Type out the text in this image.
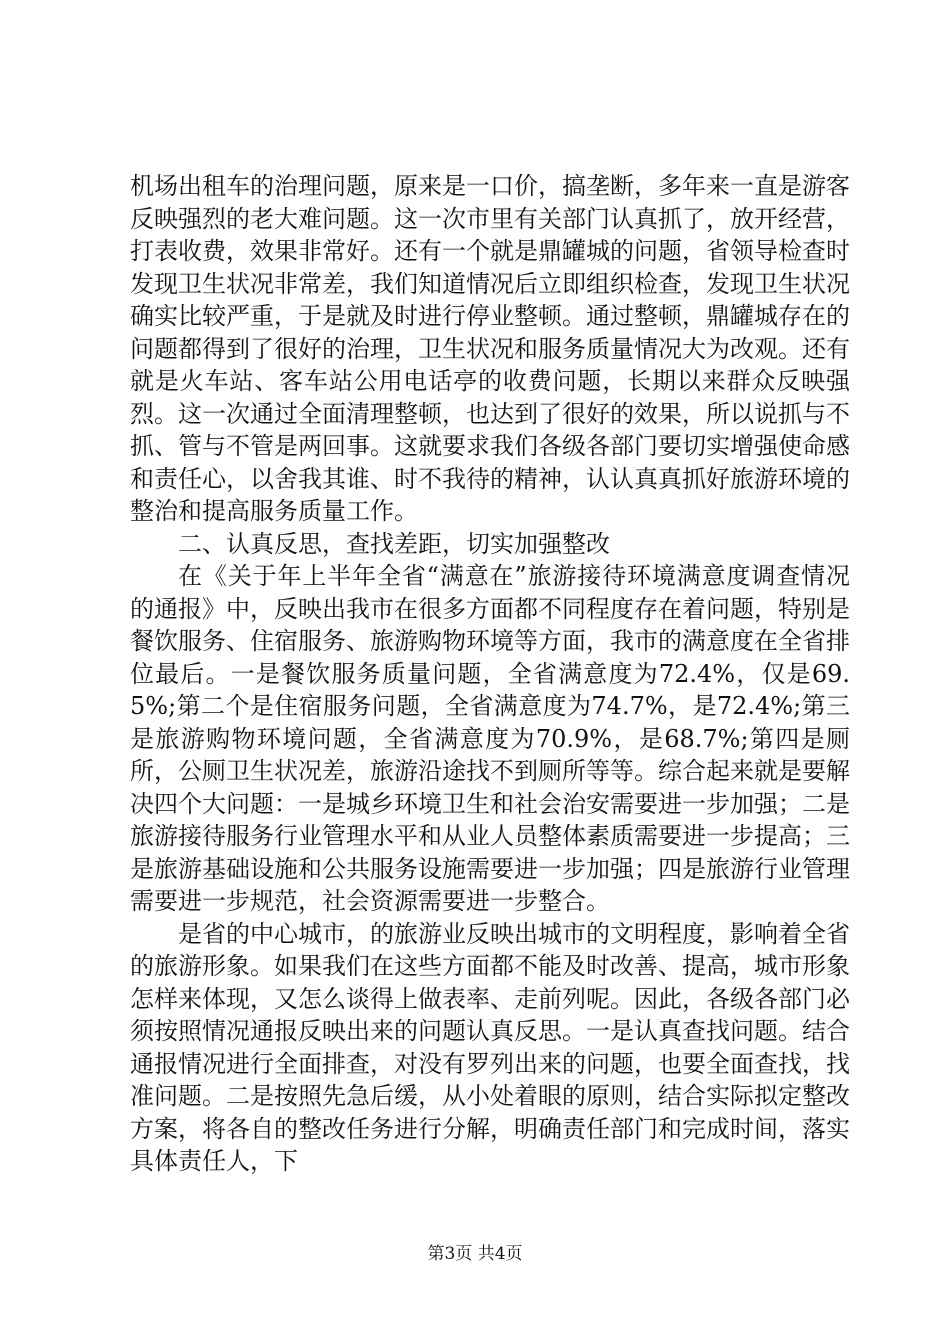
机场出租车的治理问题，原来是一口价，搞垄断，多年来一直是游客反映强烈的老大难问题。这一次市里有关部门认真抓了，放开经营，打表收费，效果非常好。还有一个就是鼎罐城的问题，省领导检查时发现卫生状况非常差，我们知道情况后立即组织检查，发现卫生状况确实比较严重，于是就及时进行停业整顿。通过整顿，鼎罐城存在的问题都得到了很好的治理，卫生状况和服务质量情况大为改观。还有就是火车站、客车站公用电话亭的收费问题，长期以来群众反映强烈。这一次通过全面清理整顿，也达到了很好的效果，所以说抓与不抓、管与不管是两回事。这就要求我们各级各部门要切实增强使命感和责任心，以舍我其谁、时不我待的精神，认认真真抓好旅游环境的整治和提高服务质量工作。

二、认真反思，查找差距，切实加强整改

在《关于年上半年全省“满意在”旅游接待环境满意度调查情况的通报》中，反映出我市在很多方面都不同程度存在着问题，特别是餐饮服务、住宿服务、旅游购物环境等方面，我市的满意度在全省排位最后。一是餐饮服务质量问题，全省满意度为72.4%，仅是69.5%;第二个是住宿服务问题，全省满意度为74.7%，是72.4%;第三是旅游购物环境问题，全省满意度为70.9%，是68.7%;第四是厕所，公厕卫生状况差，旅游沿途找不到厕所等等。综合起来就是要解决四个大问题：一是城乡环境卫生和社会治安需要进一步加强；二是旅游接待服务行业管理水平和从业人员整体素质需要进一步提高；三是旅游基础设施和公共服务设施需要进一步加强；四是旅游行业管理需要进一步规范，社会资源需要进一步整合。

是省的中心城市，的旅游业反映出城市的文明程度，影响着全省的旅游形象。如果我们在这些方面都不能及时改善、提高，城市形象怎样来体现，又怎么谈得上做表率、走前列呢。因此，各级各部门必须按照情况通报反映出来的问题认真反思。一是认真查找问题。结合通报情况进行全面排查，对没有罗列出来的问题，也要全面查找，找准问题。二是按照先急后缓，从小处着眼的原则，结合实际拟定整改方案，将各自的整改任务进行分解，明确责任部门和完成时间，落实具体责任人，下

第3页 共4页
